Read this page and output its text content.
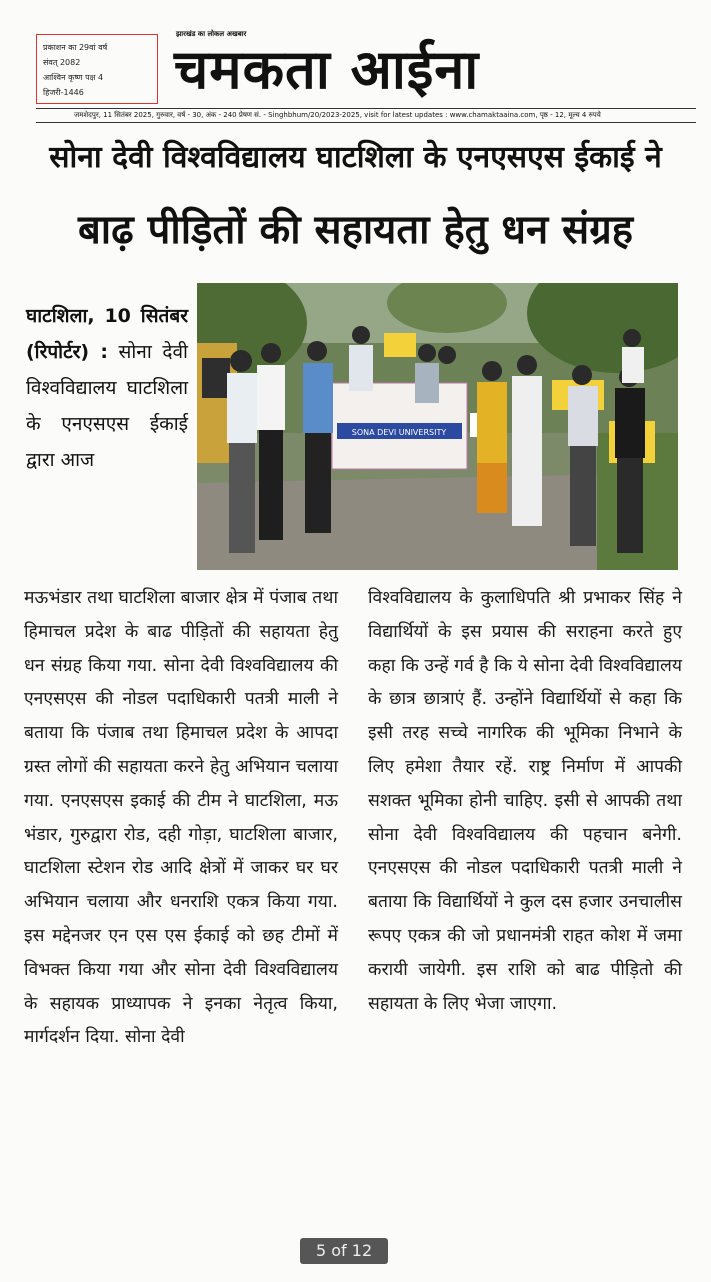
प्रकाशन का 29वां वर्ष
संवत् 2082
आश्विन कृष्ण पक्ष 4
हिजरी-1446
झारखंड का लोकल अखबार
चमकता आईना
जमशेदपुर, 11 सितंबर 2025, गुरुवार, वर्ष - 30, अंक - 240 प्रेषण सं. - Singhbhum/20/2023-2025, visit for latest updates : www.chamaktaaina.com, पृष्ठ - 12, मूल्य 4 रुपये
सोना देवी विश्वविद्यालय घाटशिला के एनएसएस ईकाई ने
बाढ़ पीड़ितों की सहायता हेतु धन संग्रह
SONA DEVI UNIVERSITY

घाटशिला, 10 सितंबर (रिपोर्टर) : सोना देवी विश्वविद्यालय घाटशिला के एनएसएस ईकाई द्वारा आज

मऊभंडार तथा घाटशिला बाजार क्षेत्र में पंजाब तथा हिमाचल प्रदेश के बाढ पीड़ितों की सहायता हेतु धन संग्रह किया गया. सोना देवी विश्वविद्यालय की एनएसएस की नोडल पदाधिकारी पतत्री माली ने बताया कि पंजाब तथा हिमाचल प्रदेश के आपदा ग्रस्त लोगों की सहायता करने हेतु अभियान चलाया गया. एनएसएस इकाई की टीम ने घाटशिला, मऊ भंडार, गुरुद्वारा रोड, दही गोड़ा, घाटशिला बाजार, घाटशिला स्टेशन रोड आदि क्षेत्रों में जाकर घर घर अभियान चलाया और धनराशि एकत्र किया गया. इस मद्देनजर एन एस एस ईकाई को छह टीमों में विभक्त किया गया और सोना देवी विश्वविद्यालय के सहायक प्राध्यापक ने इनका नेतृत्व किया, मार्गदर्शन दिया. सोना देवी
विश्वविद्यालय के कुलाधिपति श्री प्रभाकर सिंह ने विद्यार्थियों के इस प्रयास की सराहना करते हुए कहा कि उन्हें गर्व है कि ये सोना देवी विश्वविद्यालय के छात्र छात्राएं हैं. उन्होंने विद्यार्थियों से कहा कि इसी तरह सच्चे नागरिक की भूमिका निभाने के लिए हमेशा तैयार रहें. राष्ट्र निर्माण में आपकी सशक्त भूमिका होनी चाहिए. इसी से आपकी तथा सोना देवी विश्वविद्यालय की पहचान बनेगी. एनएसएस की नोडल पदाधिकारी पतत्री माली ने बताया कि विद्यार्थियों ने कुल दस हजार उनचालीस रूपए एकत्र की जो प्रधानमंत्री राहत कोश में जमा करायी जायेगी. इस राशि को बाढ पीड़ितो की सहायता के लिए भेजा जाएगा.
5 of 12
